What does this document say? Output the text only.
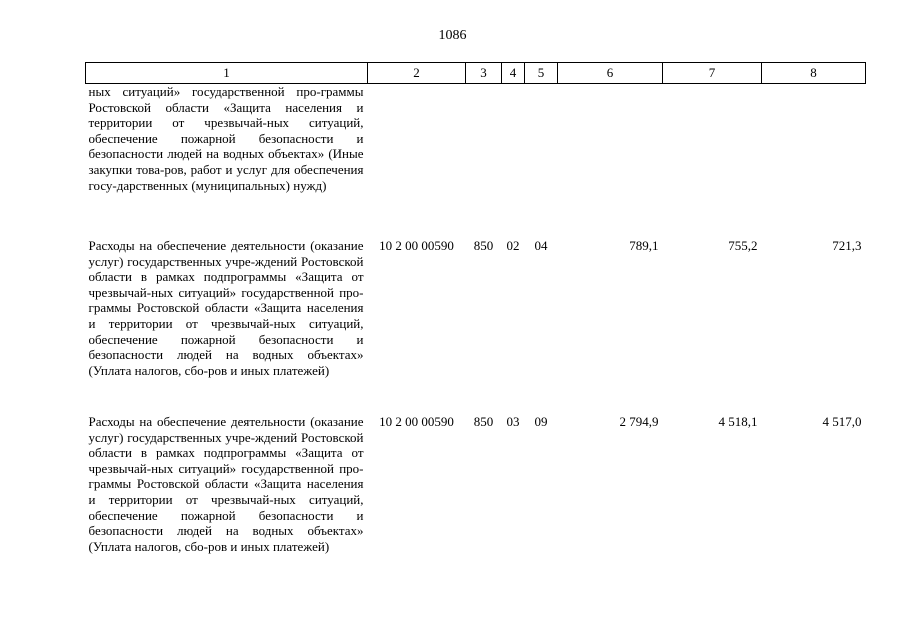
1086
1	2	3	4	5	6	7	8
ных ситуаций» государственной про-граммы Ростовской области «Защита населения и территории от чрезвычай-ных ситуаций, обеспечение пожарной безопасности и безопасности людей на водных объектах» (Иные закупки това-ров, работ и услуг для обеспечения госу-дарственных (муниципальных) нужд)							
Расходы на обеспечение деятельности (оказание услуг) государственных учре-ждений Ростовской области в рамках подпрограммы «Защита от чрезвычай-ных ситуаций» государственной про-граммы Ростовской области «Защита населения и территории от чрезвычай-ных ситуаций, обеспечение пожарной безопасности и безопасности людей на водных объектах» (Уплата налогов, сбо-ров и иных платежей)	10 2 00 00590	850	02	04	789,1	755,2	721,3
Расходы на обеспечение деятельности (оказание услуг) государственных учре-ждений Ростовской области в рамках подпрограммы «Защита от чрезвычай-ных ситуаций» государственной про-граммы Ростовской области «Защита населения и территории от чрезвычай-ных ситуаций, обеспечение пожарной безопасности и безопасности людей на водных объектах» (Уплата налогов, сбо-ров и иных платежей)	10 2 00 00590	850	03	09	2 794,9	4 518,1	4 517,0
